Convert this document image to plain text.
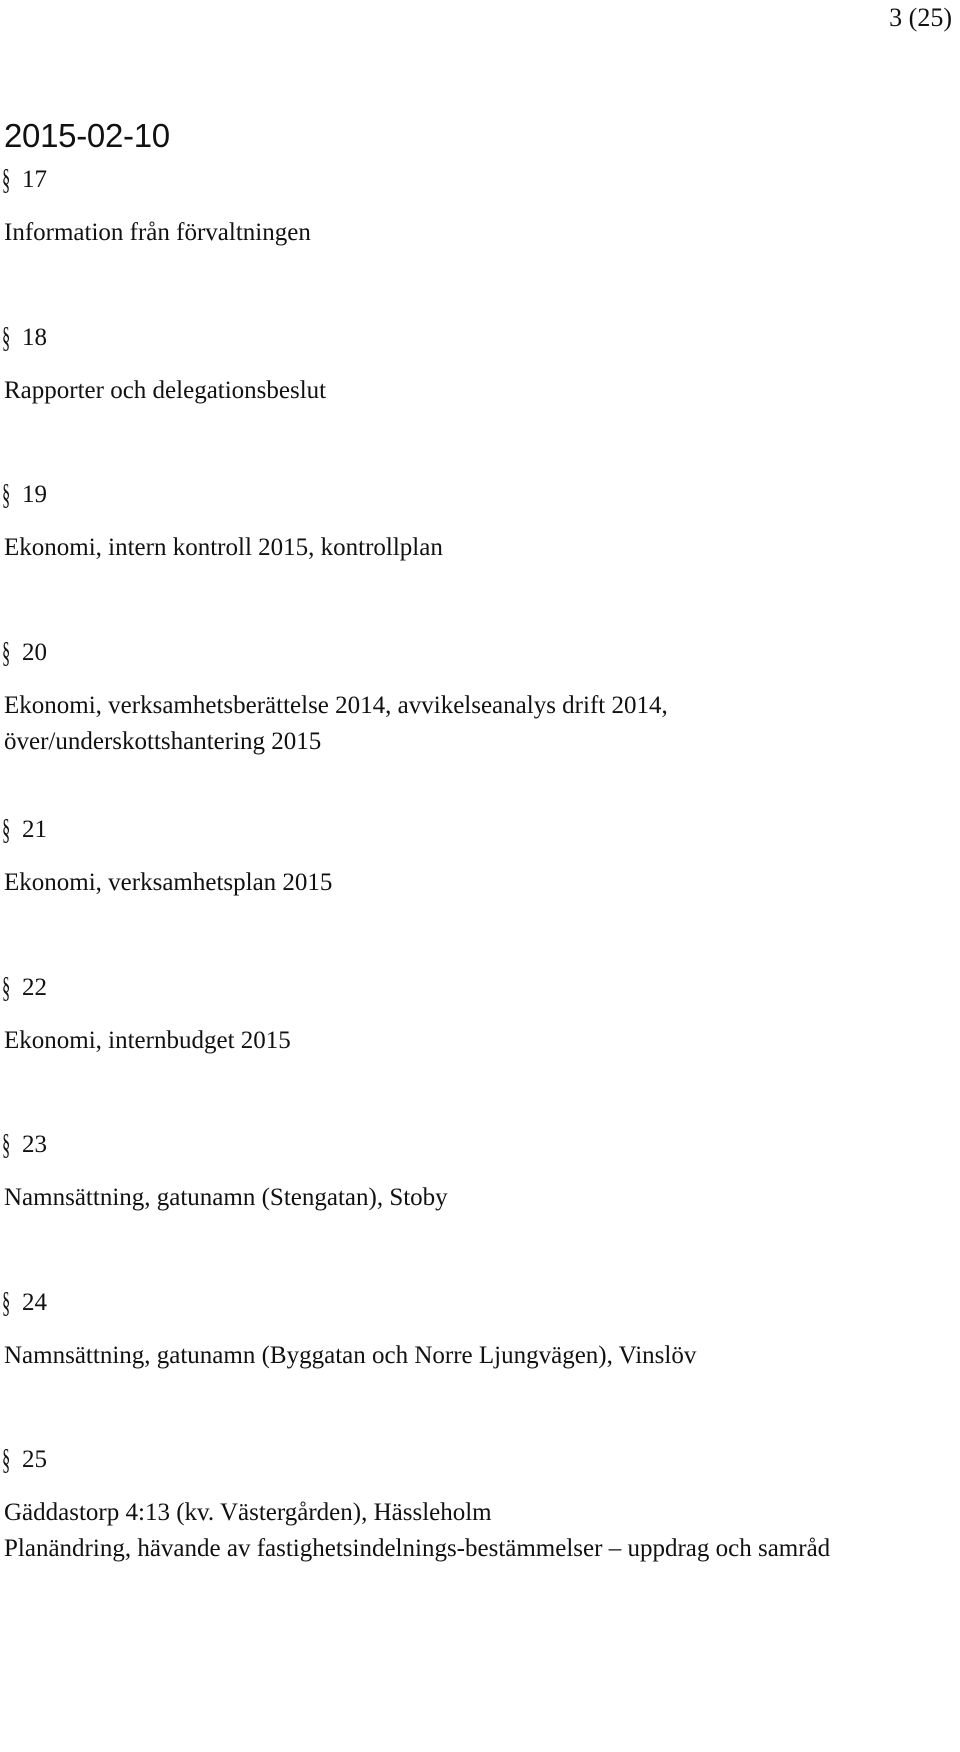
3 (25)
2015-02-10
§ 17
Information från förvaltningen
§ 18
Rapporter och delegationsbeslut
§ 19
Ekonomi, intern kontroll 2015, kontrollplan
§ 20
Ekonomi, verksamhetsberättelse 2014, avvikelseanalys drift 2014,
över/underskottshantering 2015
§ 21
Ekonomi, verksamhetsplan 2015
§ 22
Ekonomi, internbudget 2015
§ 23
Namnsättning, gatunamn (Stengatan), Stoby
§ 24
Namnsättning, gatunamn (Byggatan och Norre Ljungvägen), Vinslöv
§ 25
Gäddastorp 4:13 (kv. Västergården), Hässleholm
Planändring, hävande av fastighetsindelnings-bestämmelser – uppdrag och samråd
